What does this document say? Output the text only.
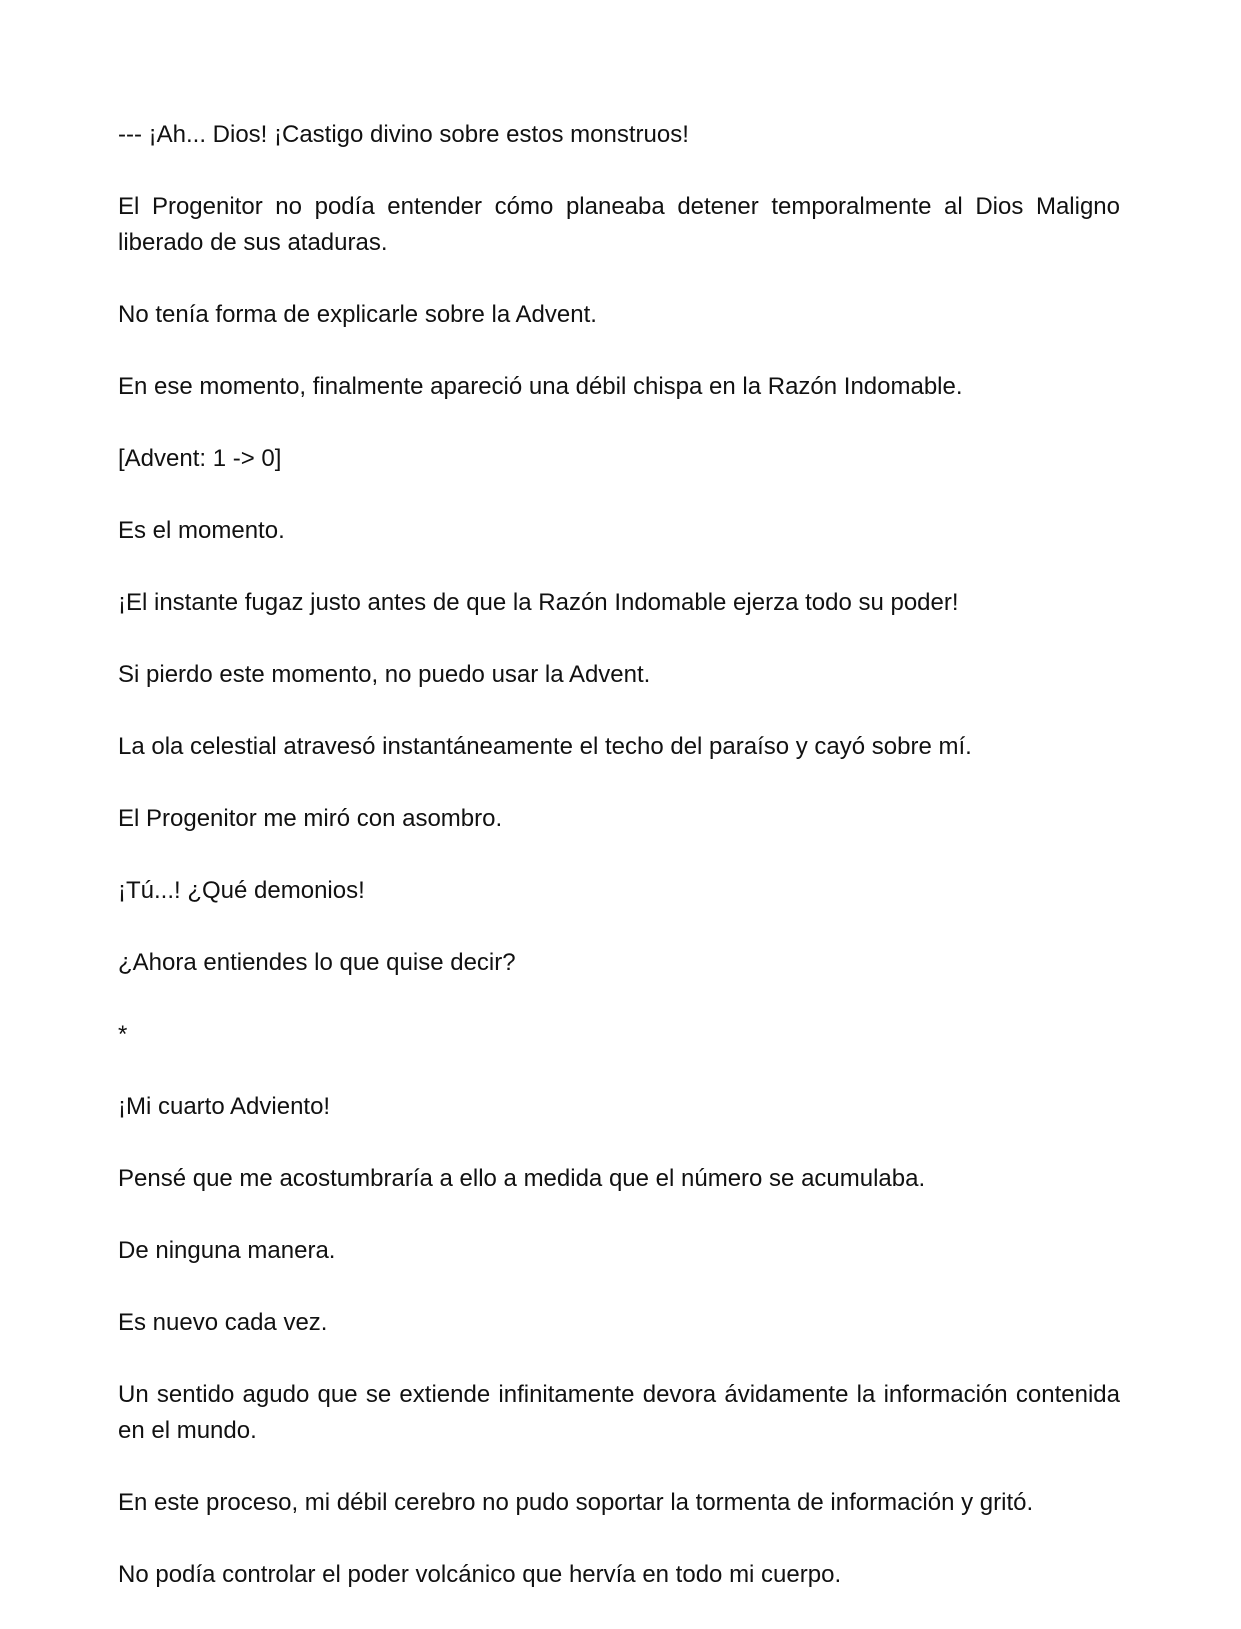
--- ¡Ah... Dios! ¡Castigo divino sobre estos monstruos!

El Progenitor no podía entender cómo planeaba detener temporalmente al Dios Maligno liberado de sus ataduras.

No tenía forma de explicarle sobre la Advent.

En ese momento, finalmente apareció una débil chispa en la Razón Indomable.

[Advent: 1 -> 0]

Es el momento.

¡El instante fugaz justo antes de que la Razón Indomable ejerza todo su poder!

Si pierdo este momento, no puedo usar la Advent.

La ola celestial atravesó instantáneamente el techo del paraíso y cayó sobre mí.

El Progenitor me miró con asombro.

¡Tú...! ¿Qué demonios!

¿Ahora entiendes lo que quise decir?

*

¡Mi cuarto Adviento!

Pensé que me acostumbraría a ello a medida que el número se acumulaba.

De ninguna manera.

Es nuevo cada vez.

Un sentido agudo que se extiende infinitamente devora ávidamente la información contenida en el mundo.

En este proceso, mi débil cerebro no pudo soportar la tormenta de información y gritó.

No podía controlar el poder volcánico que hervía en todo mi cuerpo.
